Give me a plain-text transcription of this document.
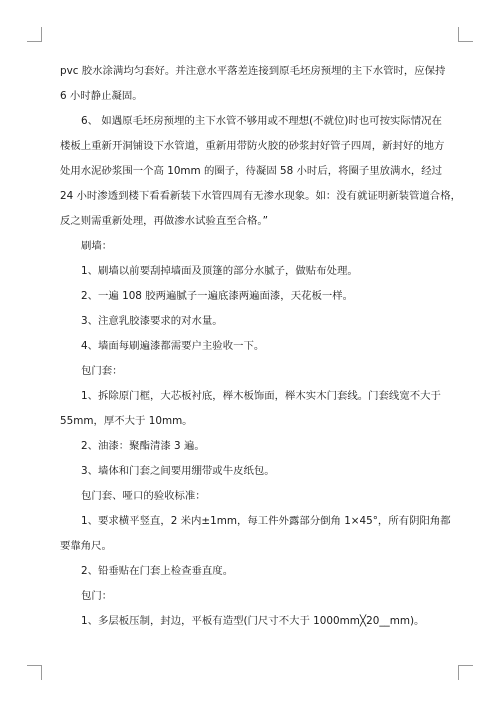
pvc 胶水涂满均匀套好。并注意水平落差连接到原毛坯房预埋的主下水管时，应保持

6 小时静止凝固。

6、 如遇原毛坯房预埋的主下水管不够用或不理想(不就位)时也可按实际情况在

楼板上重新开洞铺设下水管道，重新用带防火胶的砂浆封好管子四周，新封好的地方

处用水泥砂浆围一个高 10mm 的圈子，待凝固 58 小时后，将圈子里放满水，经过

24 小时渗透到楼下看看新装下水管四周有无渗水现象。如：没有就证明新装管道合格，

反之则需重新处理，再做渗水试验直至合格。”

刷墙：

1、刷墙以前要刮掉墙面及顶篷的部分水腻子，做贴布处理。

2、一遍 108 胶两遍腻子一遍底漆两遍面漆，天花板一样。

3、注意乳胶漆要求的对水量。

4、墙面每刷遍漆都需要户主验收一下。

包门套：

1、拆除原门框，大芯板衬底，榉木板饰面，榉木实木门套线。门套线宽不大于

55mm，厚不大于 10mm。

2、油漆：聚酯清漆 3 遍。

3、墙体和门套之间要用绷带或牛皮纸包。

包门套、哑口的验收标准：

1、要求横平竖直，2 米内±1mm，每工件外露部分倒角 1×45°，所有阴阳角都

要靠角尺。

2、铅垂贴在门套上检查垂直度。

包门：

1、多层板压制，封边，平板有造型(门尺寸不大于 1000mm╳20__mm)。
